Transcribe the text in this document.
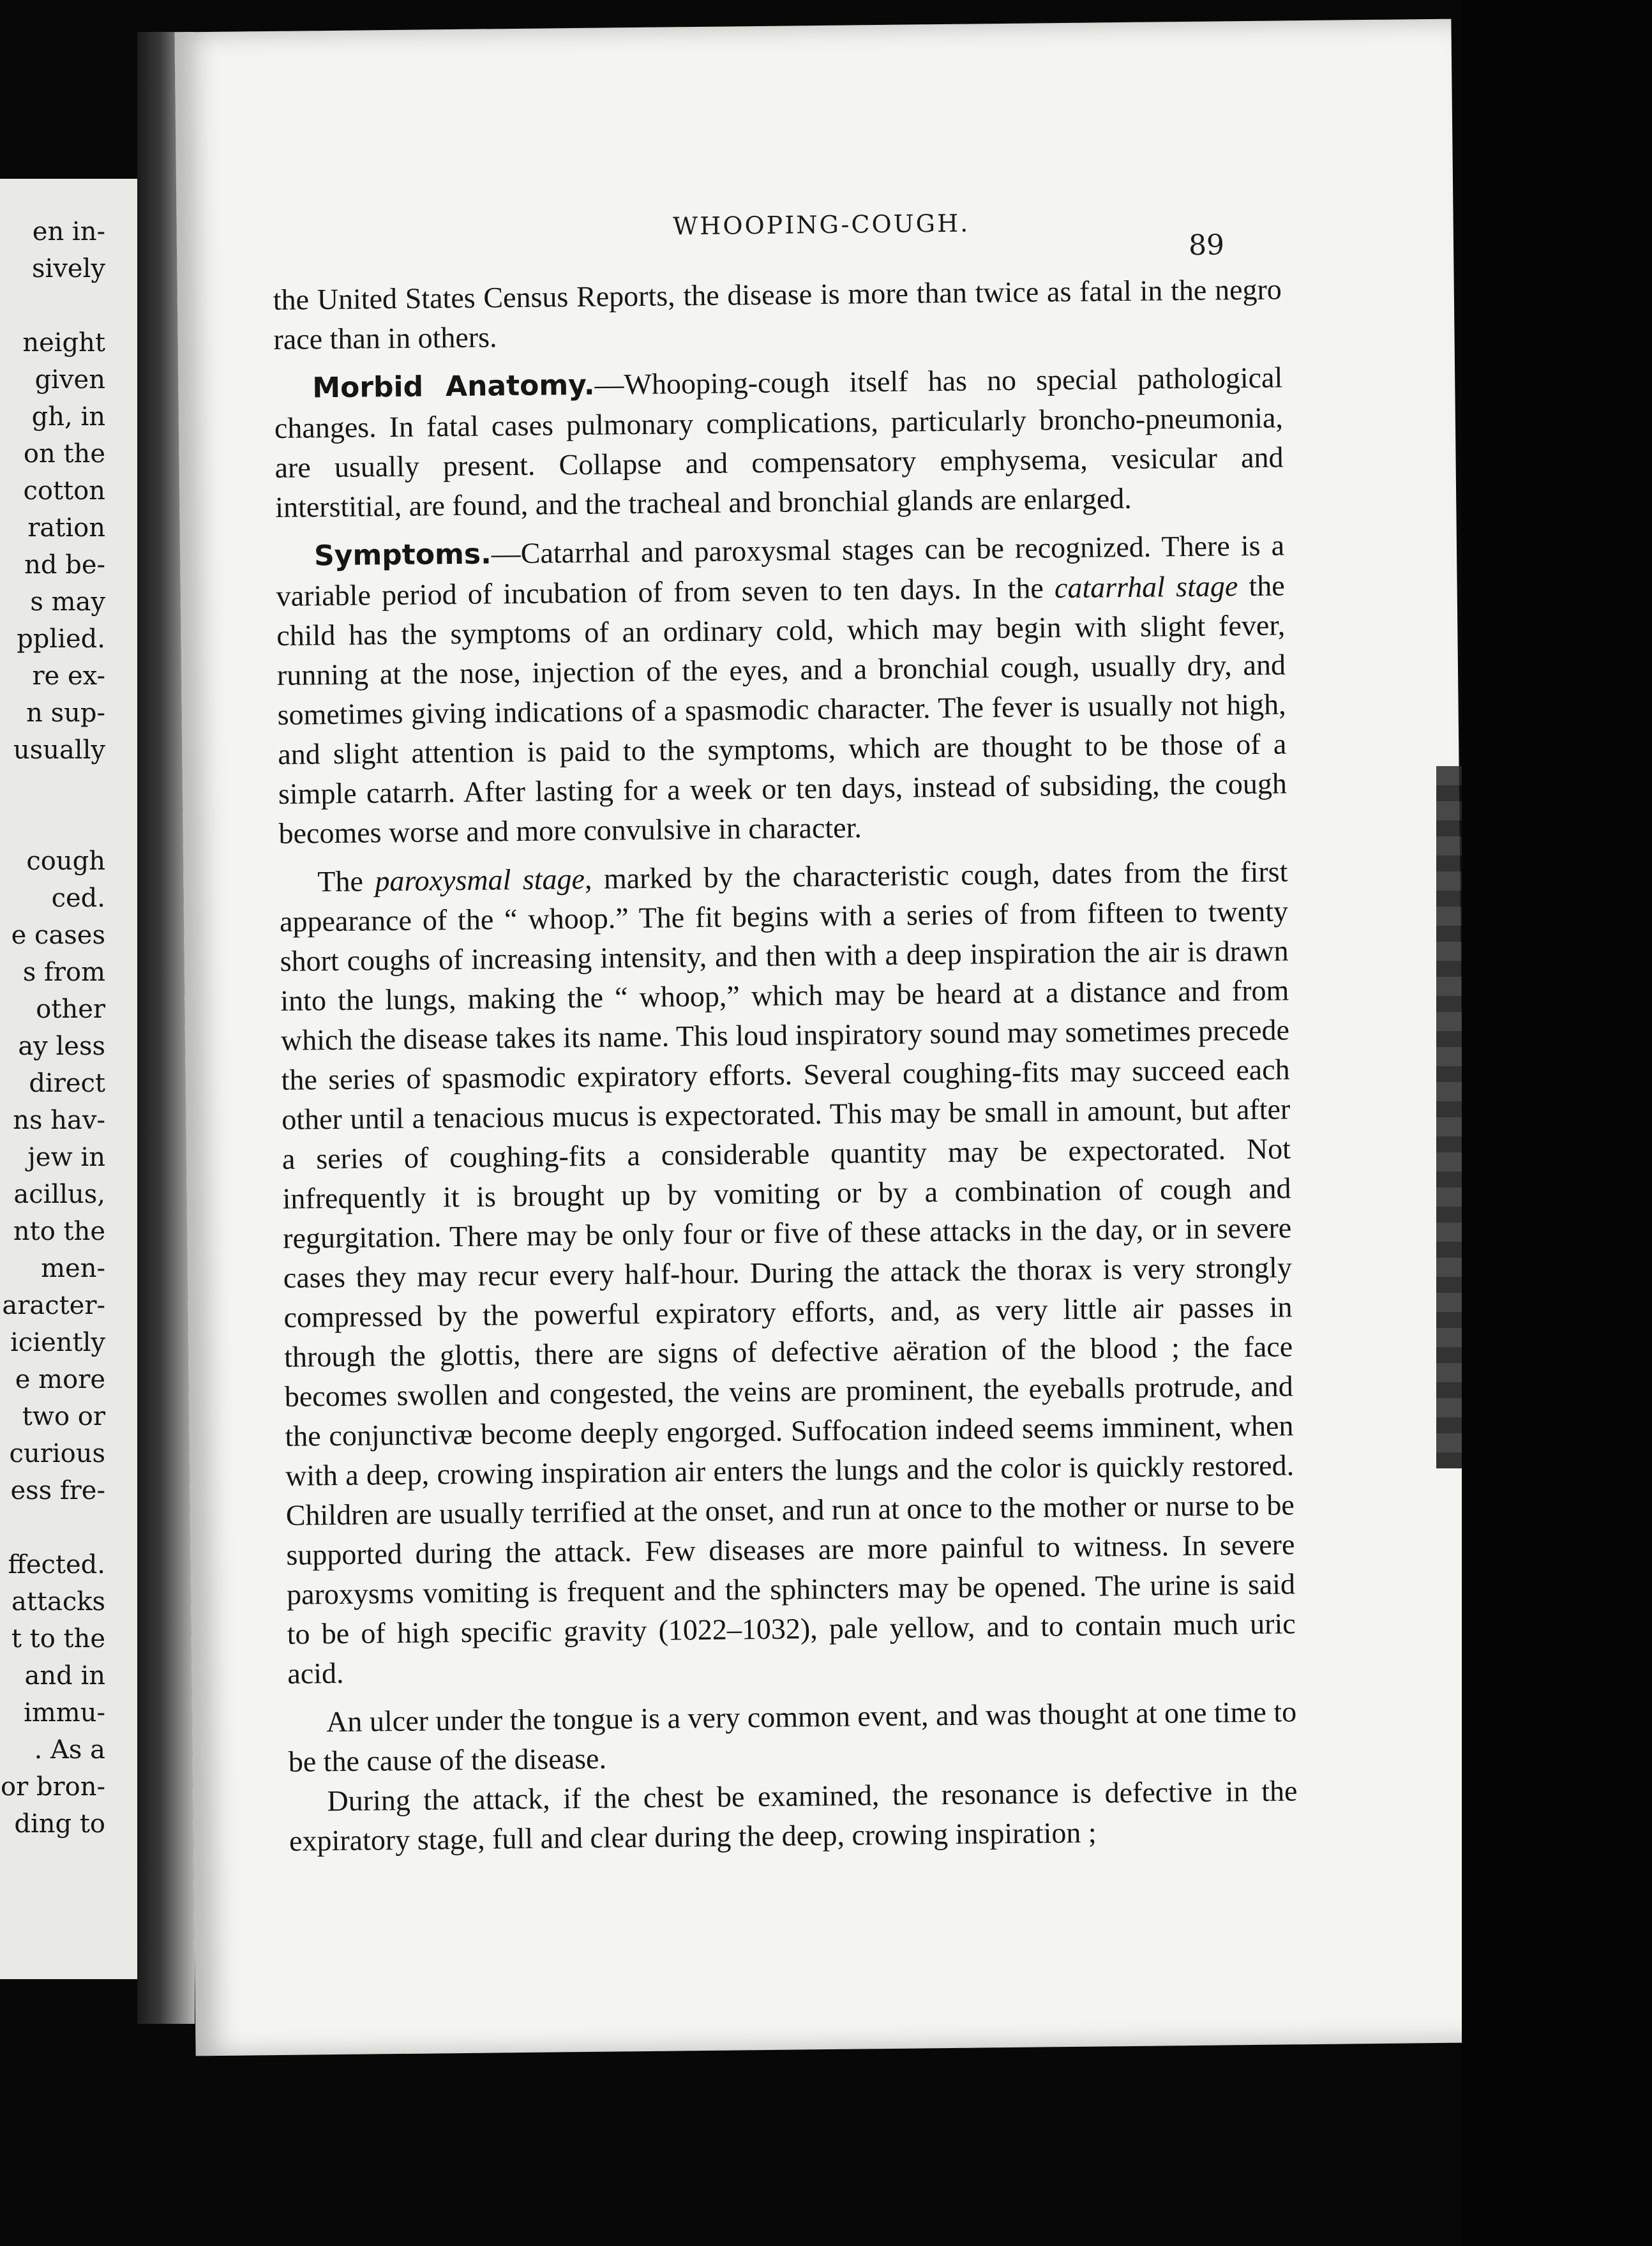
en in-
sively
neight
given
gh, in
on the
cotton
ration
nd be-
s may
pplied.
re ex-
n sup-
usually
cough
ced.
e cases
s from
other
ay less
direct
ns hav-
jew in
acillus,
nto the
men-
aracter-
iciently
e more
two or
curious
ess fre-
ffected.
attacks
t to the
and in
immu-
. As a
or bron-
ding to
WHOOPING-COUGH.
89

the United States Census Reports, the disease is more than twice as fatal in the negro race than in others.

Morbid Anatomy.—Whooping-cough itself has no special pathological changes. In fatal cases pulmonary complications, particularly broncho-pneumonia, are usually present. Collapse and compensatory emphysema, vesicular and interstitial, are found, and the tracheal and bronchial glands are enlarged.

Symptoms.—Catarrhal and paroxysmal stages can be recognized. There is a variable period of incubation of from seven to ten days. In the catarrhal stage the child has the symptoms of an ordinary cold, which may begin with slight fever, running at the nose, injection of the eyes, and a bronchial cough, usually dry, and sometimes giving indications of a spasmodic character. The fever is usually not high, and slight attention is paid to the symptoms, which are thought to be those of a simple catarrh. After lasting for a week or ten days, instead of subsiding, the cough becomes worse and more convulsive in character.

The paroxysmal stage, marked by the characteristic cough, dates from the first appearance of the “ whoop.” The fit begins with a series of from fifteen to twenty short coughs of increasing intensity, and then with a deep inspiration the air is drawn into the lungs, making the “ whoop,” which may be heard at a distance and from which the disease takes its name. This loud inspiratory sound may sometimes precede the series of spasmodic expiratory efforts. Several coughing-fits may succeed each other until a tenacious mucus is expectorated. This may be small in amount, but after a series of coughing-fits a considerable quantity may be expectorated. Not infrequently it is brought up by vomiting or by a combination of cough and regurgitation. There may be only four or five of these attacks in the day, or in severe cases they may recur every half-hour. During the attack the thorax is very strongly compressed by the powerful expiratory efforts, and, as very little air passes in through the glottis, there are signs of defective aëration of the blood ; the face becomes swollen and congested, the veins are prominent, the eyeballs protrude, and the conjunctivæ become deeply engorged. Suffocation indeed seems imminent, when with a deep, crowing inspiration air enters the lungs and the color is quickly restored. Children are usually terrified at the onset, and run at once to the mother or nurse to be supported during the attack. Few diseases are more painful to witness. In severe paroxysms vomiting is frequent and the sphincters may be opened. The urine is said to be of high specific gravity (1022–1032), pale yellow, and to contain much uric acid.

An ulcer under the tongue is a very common event, and was thought at one time to be the cause of the disease.

During the attack, if the chest be examined, the resonance is defective in the expiratory stage, full and clear during the deep, crowing inspiration ;
